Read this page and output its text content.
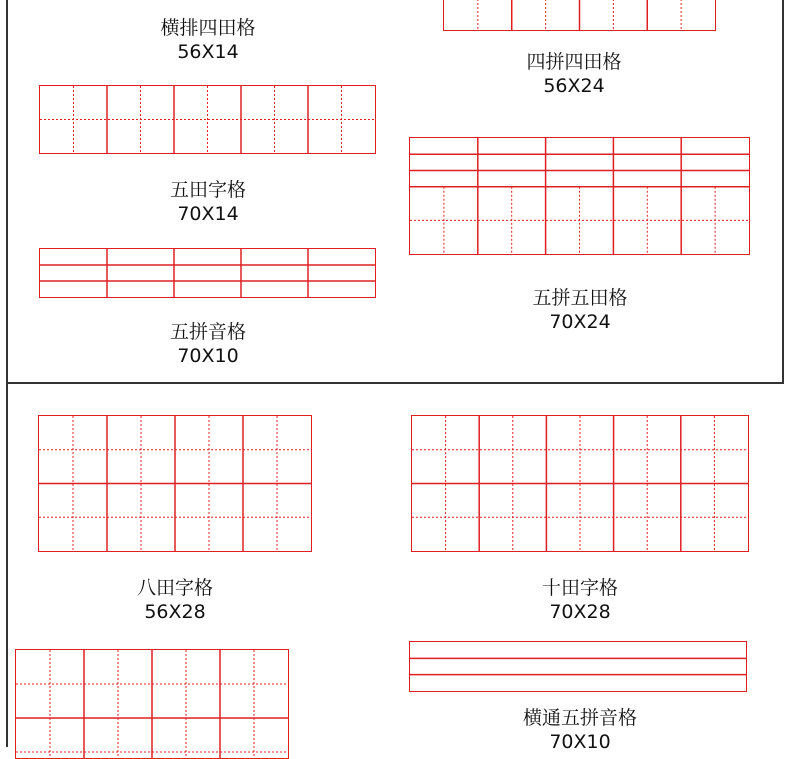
横排四田格
56X14	四拼四田格
56X24
五田字格
70X14
五拼五田格
70X24
五拼音格
70X10
八田字格
56X28
十田字格
70X28
横通五拼音格
70X10
